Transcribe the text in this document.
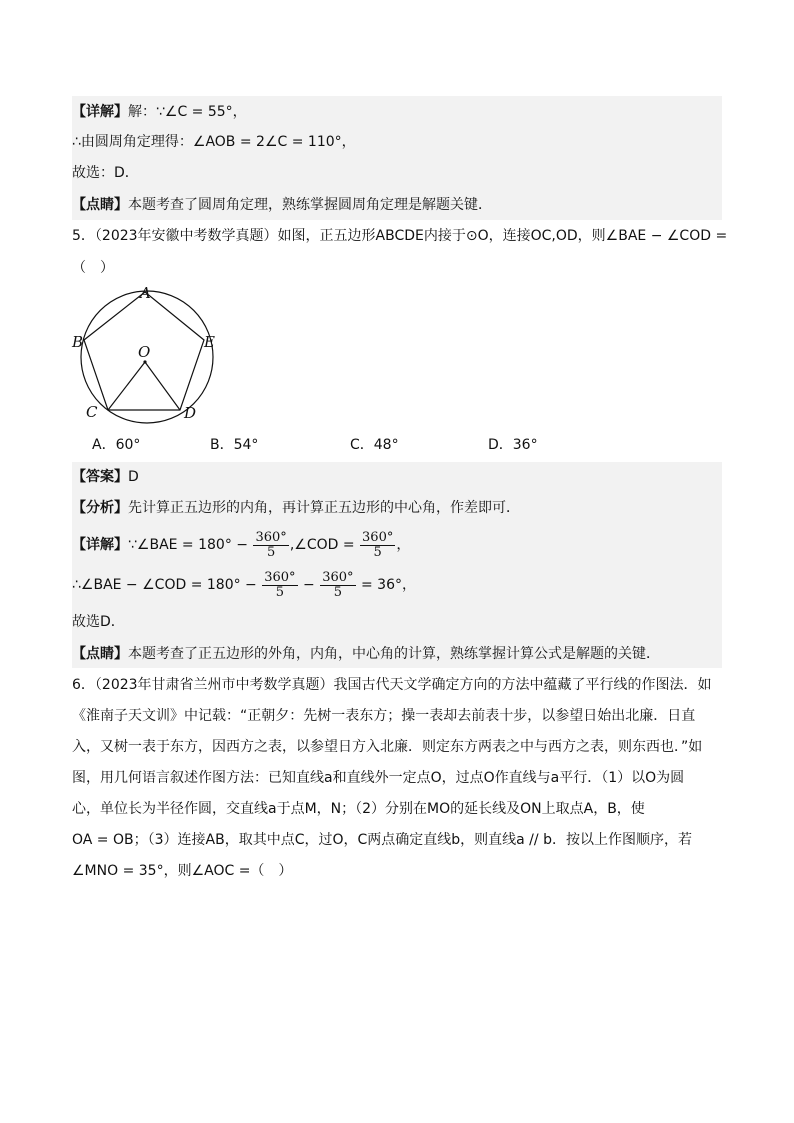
【详解】解：∵∠C = 55°，
∴由圆周角定理得：∠AOB = 2∠C = 110°，
故选：D．
【点睛】本题考查了圆周角定理，熟练掌握圆周角定理是解题关键．
5．（2023年安徽中考数学真题）如图，正五边形ABCDE内接于⊙O，连接OC,OD，则∠BAE − ∠COD =
（　）
A
B
O
E
C	D
A．60°	B．54°	C．48°	D．36°
【答案】D
【分析】先计算正五边形的内角，再计算正五边形的中心角，作差即可．
【详解】∵∠BAE = $180^\circ - \frac{360^\circ}{5}$ ,∠COD = $\frac{360^\circ}{5}$ ，
∴∠BAE − ∠COD = $180^\circ - \frac{360^\circ}{5} - \frac{360^\circ}{5} = 36^\circ$，
故选D．
【点睛】本题考查了正五边形的外角，内角，中心角的计算，熟练掌握计算公式是解题的关键．
6．（2023年甘肃省兰州市中考数学真题）我国古代天文学确定方向的方法中蕴藏了平行线的作图法．如
《淮南子天文训》中记载：“正朝夕：先树一表东方；操一表却去前表十步，以参望日始出北廉．日直
入，又树一表于东方，因西方之表，以参望日方入北廉．则定东方两表之中与西方之表，则东西也．”如
图，用几何语言叙述作图方法：已知直线a和直线外一定点O，过点O作直线与a平行．（1）以O为圆
心，单位长为半径作圆，交直线a于点M，N；（2）分别在MO的延长线及ON上取点A，B，使
OA = OB；（3）连接AB，取其中点C，过O，C两点确定直线b，则直线a // b．按以上作图顺序，若
∠MNO = 35°，则∠AOC =（　）
